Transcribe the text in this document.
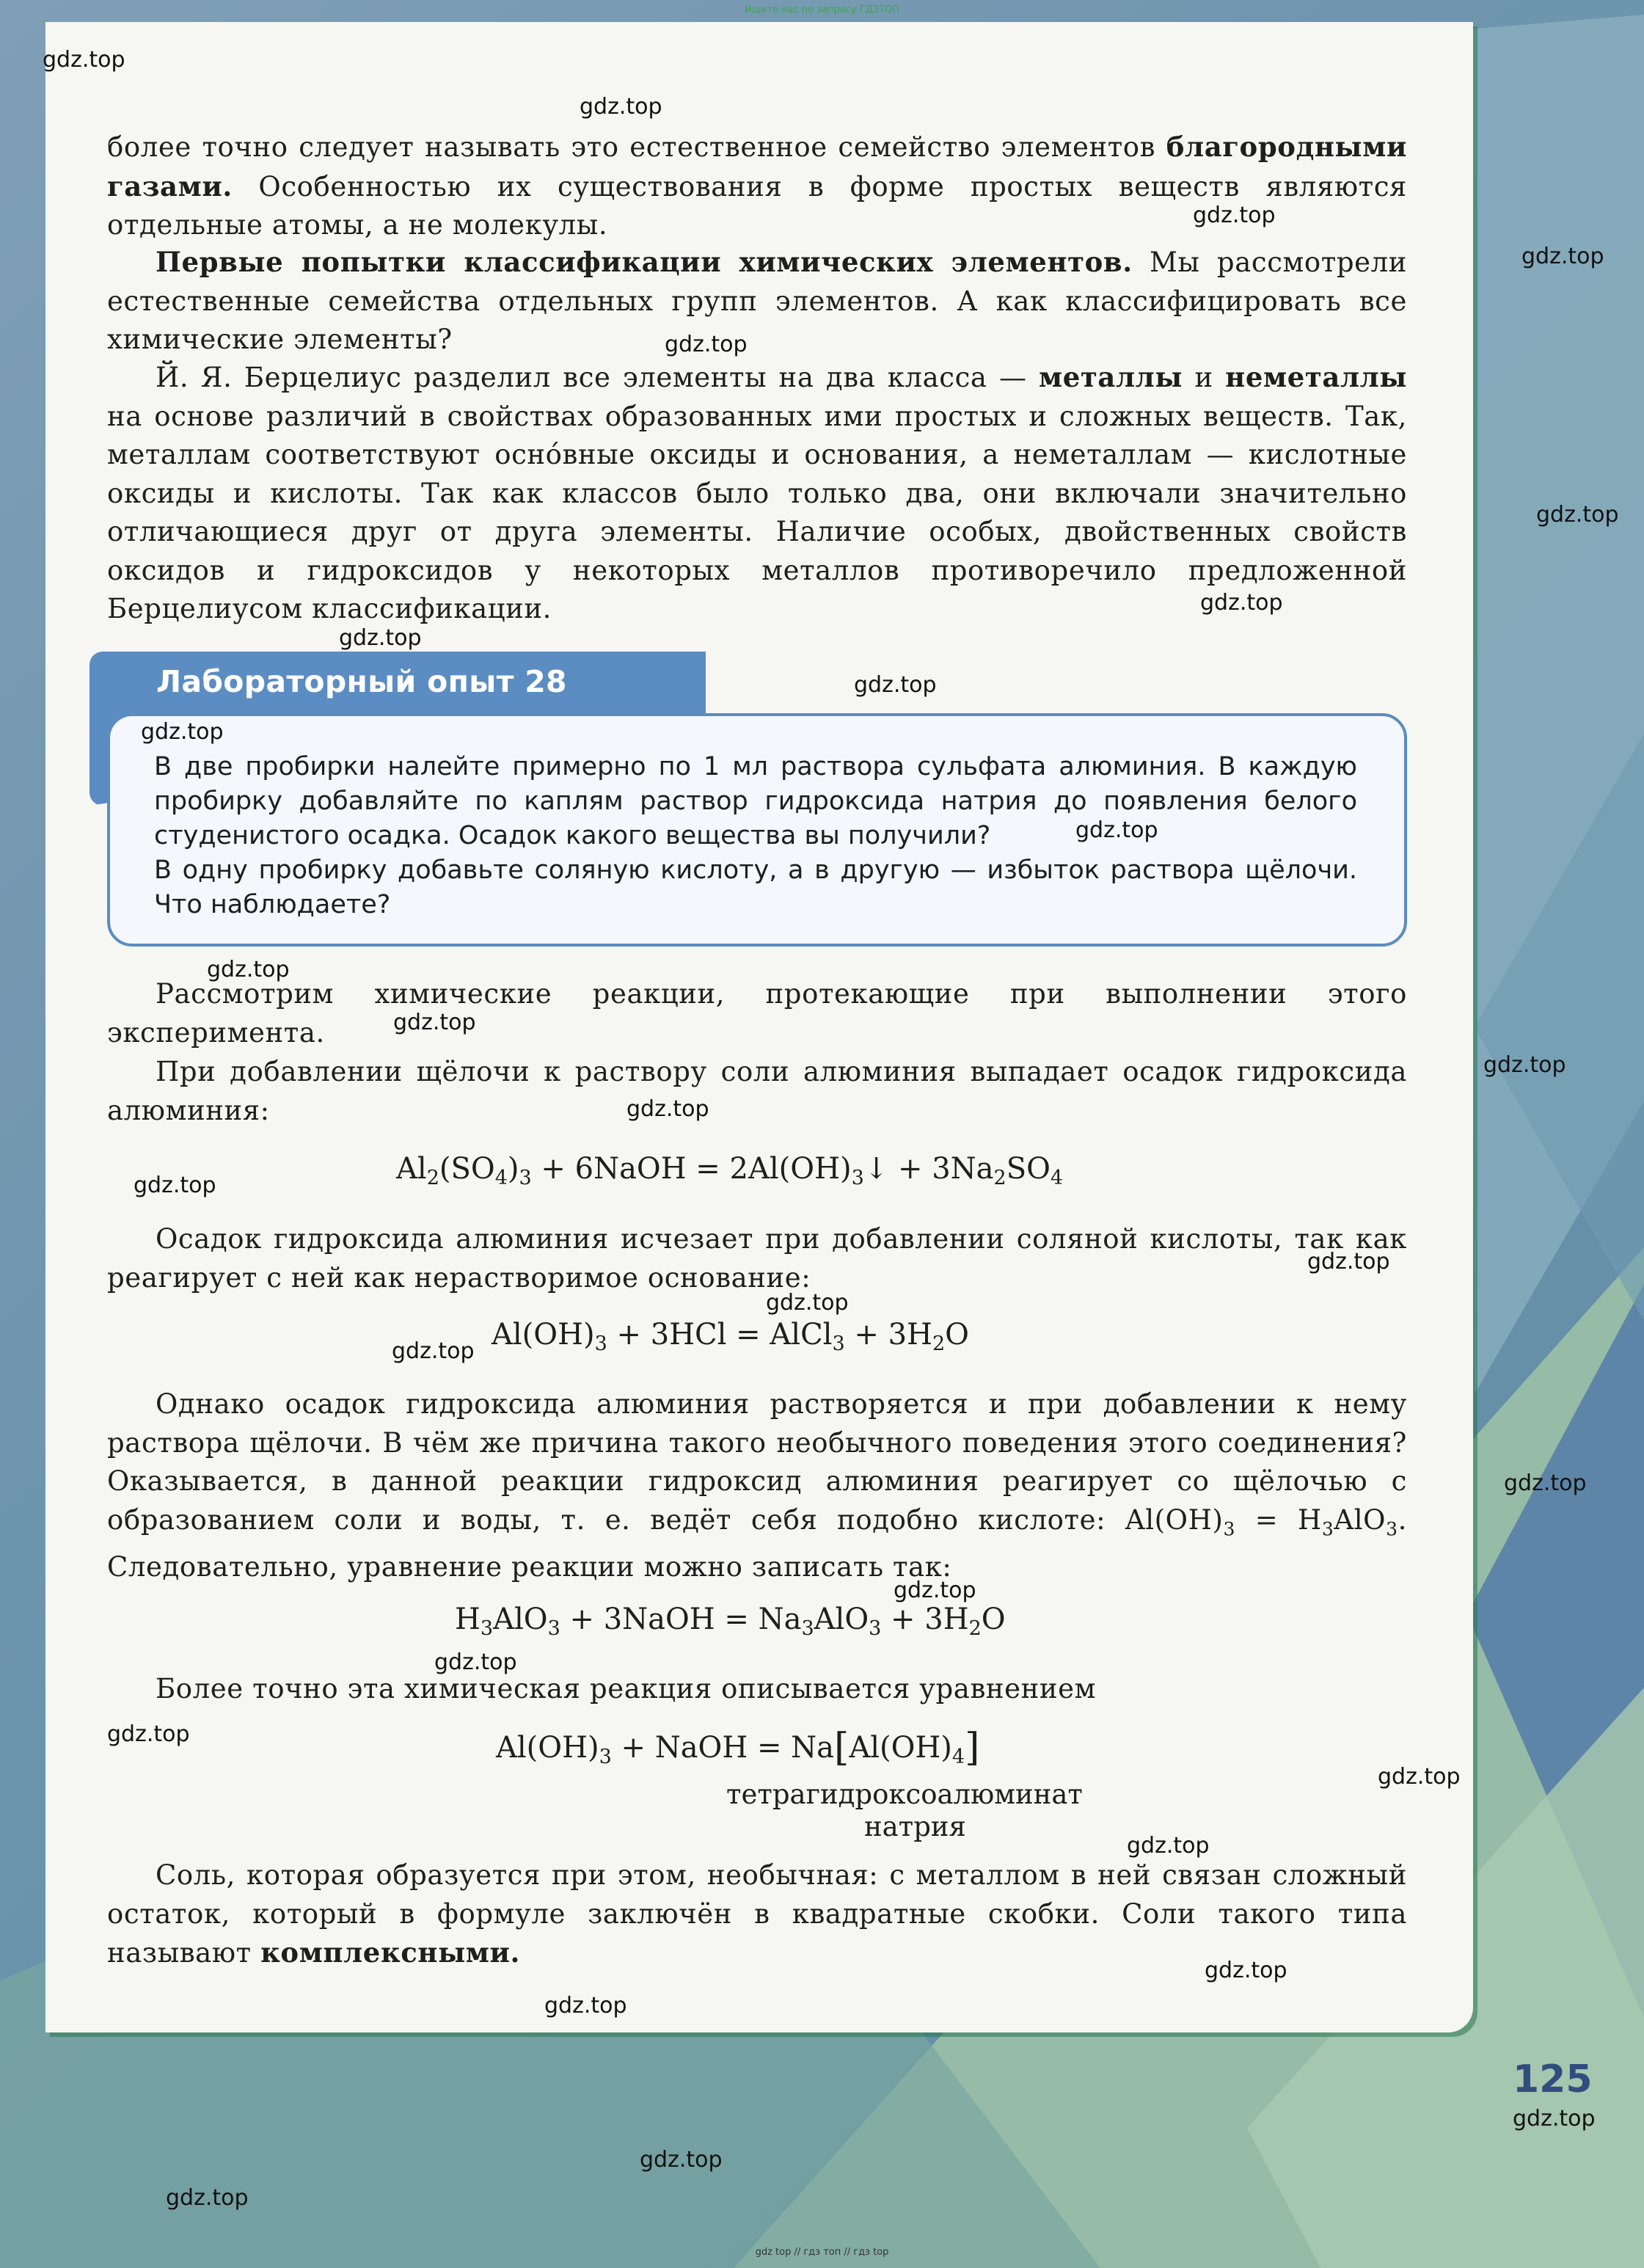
Ищите нас по запросу ГДЗТОП
более точно следует называть это естественное семейство элементов благородными газами. Особенностью их существования в форме простых веществ являются отдельные атомы, а не молекулы.
Первые попытки классификации химических элементов. Мы рассмотрели естественные семейства отдельных групп элементов. А как классифицировать все химические элементы?
Й. Я. Берцелиус разделил все элементы на два класса — металлы и неметаллы на основе различий в свойствах образованных ими простых и сложных веществ. Так, металлам соответствуют осно́вные оксиды и основания, а неметаллам — кислотные оксиды и кислоты. Так как классов было только два, они включали значительно отличающиеся друг от друга элементы. Наличие особых, двойственных свойств оксидов и гидроксидов у некоторых металлов противоречило предложенной Берцелиусом классификации.
Лабораторный опыт 28
В две пробирки налейте примерно по 1 мл раствора сульфата алюминия. В каждую пробирку добавляйте по каплям раствор гидроксида натрия до появления белого студенистого осадка. Осадок какого вещества вы получили?
В одну пробирку добавьте соляную кислоту, а в другую — избыток раствора щёлочи. Что наблюдаете?
Рассмотрим химические реакции, протекающие при выполнении этого эксперимента.
При добавлении щёлочи к раствору соли алюминия выпадает осадок гидроксида алюминия:
$Al_2(SO_4)_3$ + 6NaOH = $2Al(OH)_3↓ + 3Na_2SO_4$
Осадок гидроксида алюминия исчезает при добавлении соляной кислоты, так как реагирует с ней как нерастворимое основание:
$Al(OH)_3 + 3HCl$ = AlCl$_3$ + $3H_2O$
Однако осадок гидроксида алюминия растворяется и при добавлении к нему раствора щёлочи. В чём же причина такого необычного поведения этого соединения? Оказывается, в данной реакции гидроксид алюминия реагирует со щёлочью с образованием соли и воды, т. е. ведёт себя подобно кислоте: $Al(OH)_3 = H_3AlO_3$. Следовательно, уравнение реакции можно записать так:
$H_3AlO_3$ + 3NaOH = $Na_3AlO_3 + 3H_2O$
Более точно эта химическая реакция описывается уравнением
$Al(OH)_3$ + NaOH = $Na[Al(OH)_4]$
тетрагидроксоалюминат
натрия
Соль, которая образуется при этом, необычная: с металлом в ней связан сложный остаток, который в формуле заключён в квадратные скобки. Соли такого типа называют комплексными.
125
gdz.top
gdz.top
gdz.top
gdz.top
gdz.top
gdz.top
gdz.top
gdz.top
gdz.top
gdz.top
gdz.top
gdz.top
gdz.top
gdz.top
gdz.top
gdz.top
gdz.top
gdz.top
gdz.top
gdz.top
gdz.top
gdz.top
gdz.top
gdz.top
gdz.top
gdz.top
gdz.top
gdz.top
gdz.top
gdz.top
gdz top // гдз топ // гдз top
